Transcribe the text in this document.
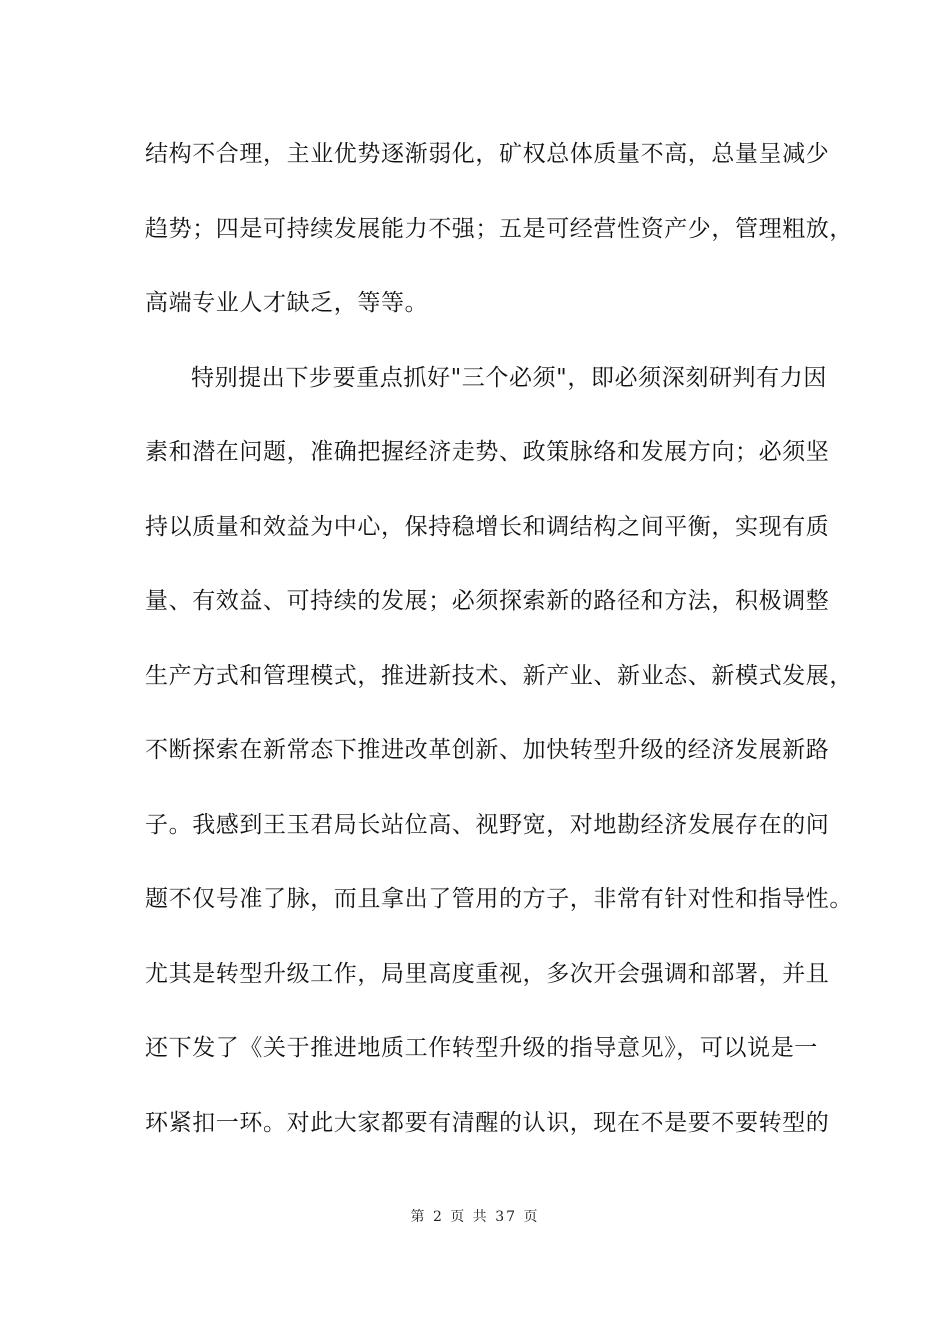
结构不合理，主业优势逐渐弱化，矿权总体质量不高，总量呈减少
趋势；四是可持续发展能力不强；五是可经营性资产少，管理粗放，
高端专业人才缺乏，等等。
特别提出下步要重点抓好"三个必须"，即必须深刻研判有力因
素和潜在问题，准确把握经济走势、政策脉络和发展方向；必须坚
持以质量和效益为中心，保持稳增长和调结构之间平衡，实现有质
量、有效益、可持续的发展；必须探索新的路径和方法，积极调整
生产方式和管理模式，推进新技术、新产业、新业态、新模式发展，
不断探索在新常态下推进改革创新、加快转型升级的经济发展新路
子。我感到王玉君局长站位高、视野宽，对地勘经济发展存在的问
题不仅号准了脉，而且拿出了管用的方子，非常有针对性和指导性。
尤其是转型升级工作，局里高度重视，多次开会强调和部署，并且
还下发了《关于推进地质工作转型升级的指导意见》，可以说是一
环紧扣一环。对此大家都要有清醒的认识，现在不是要不要转型的
第 2 页 共 37 页
